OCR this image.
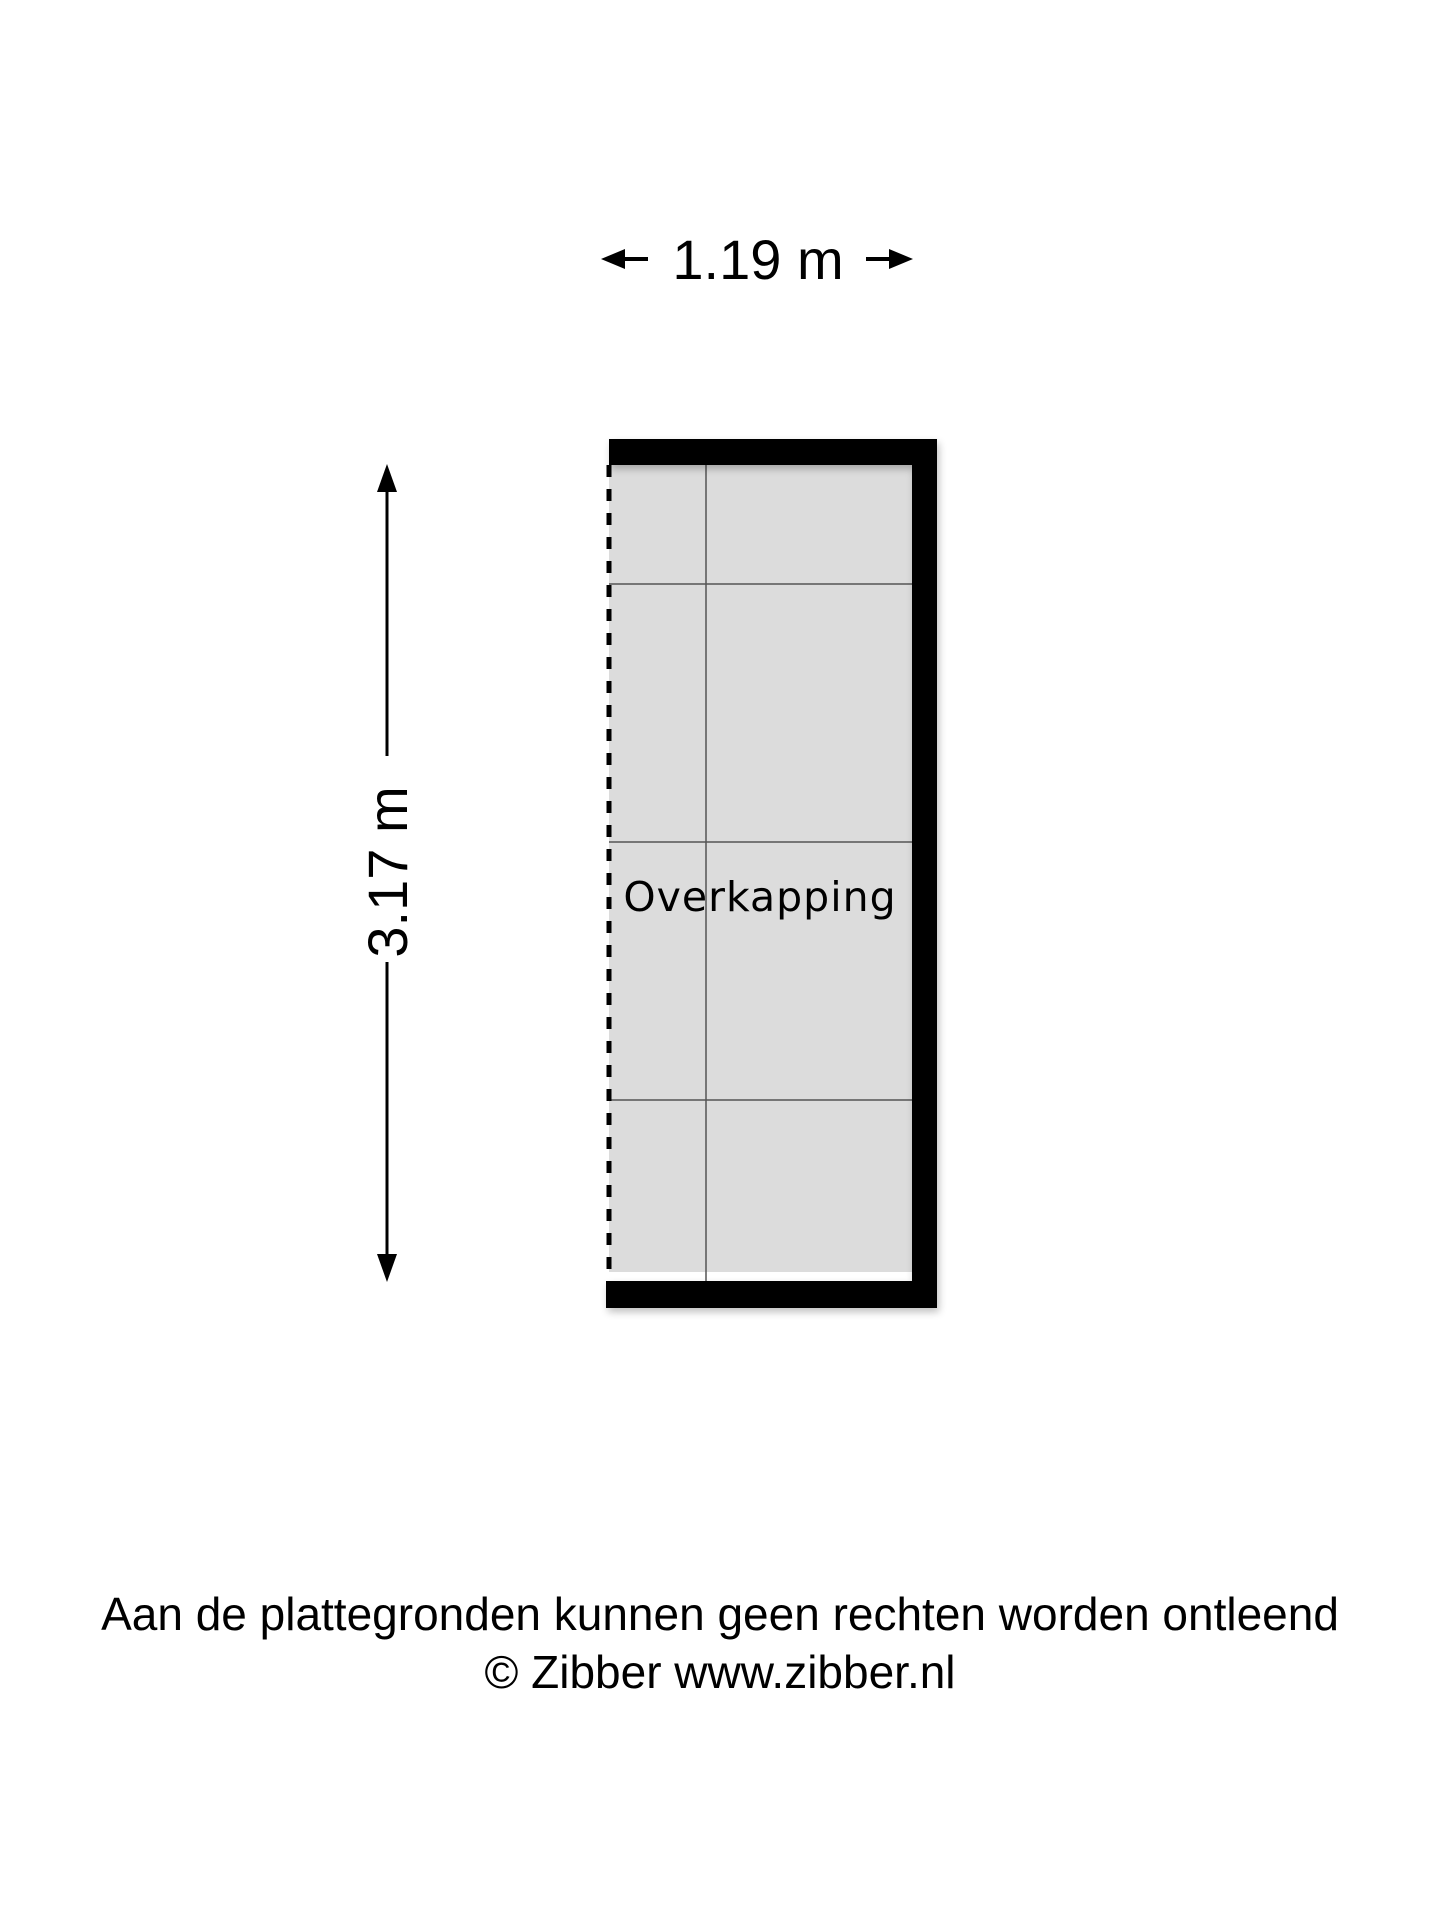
1.19 m
3.17 m	Overkapping
Aan de plattegronden kunnen geen rechten worden ontleend
© Zibber www.zibber.nl
